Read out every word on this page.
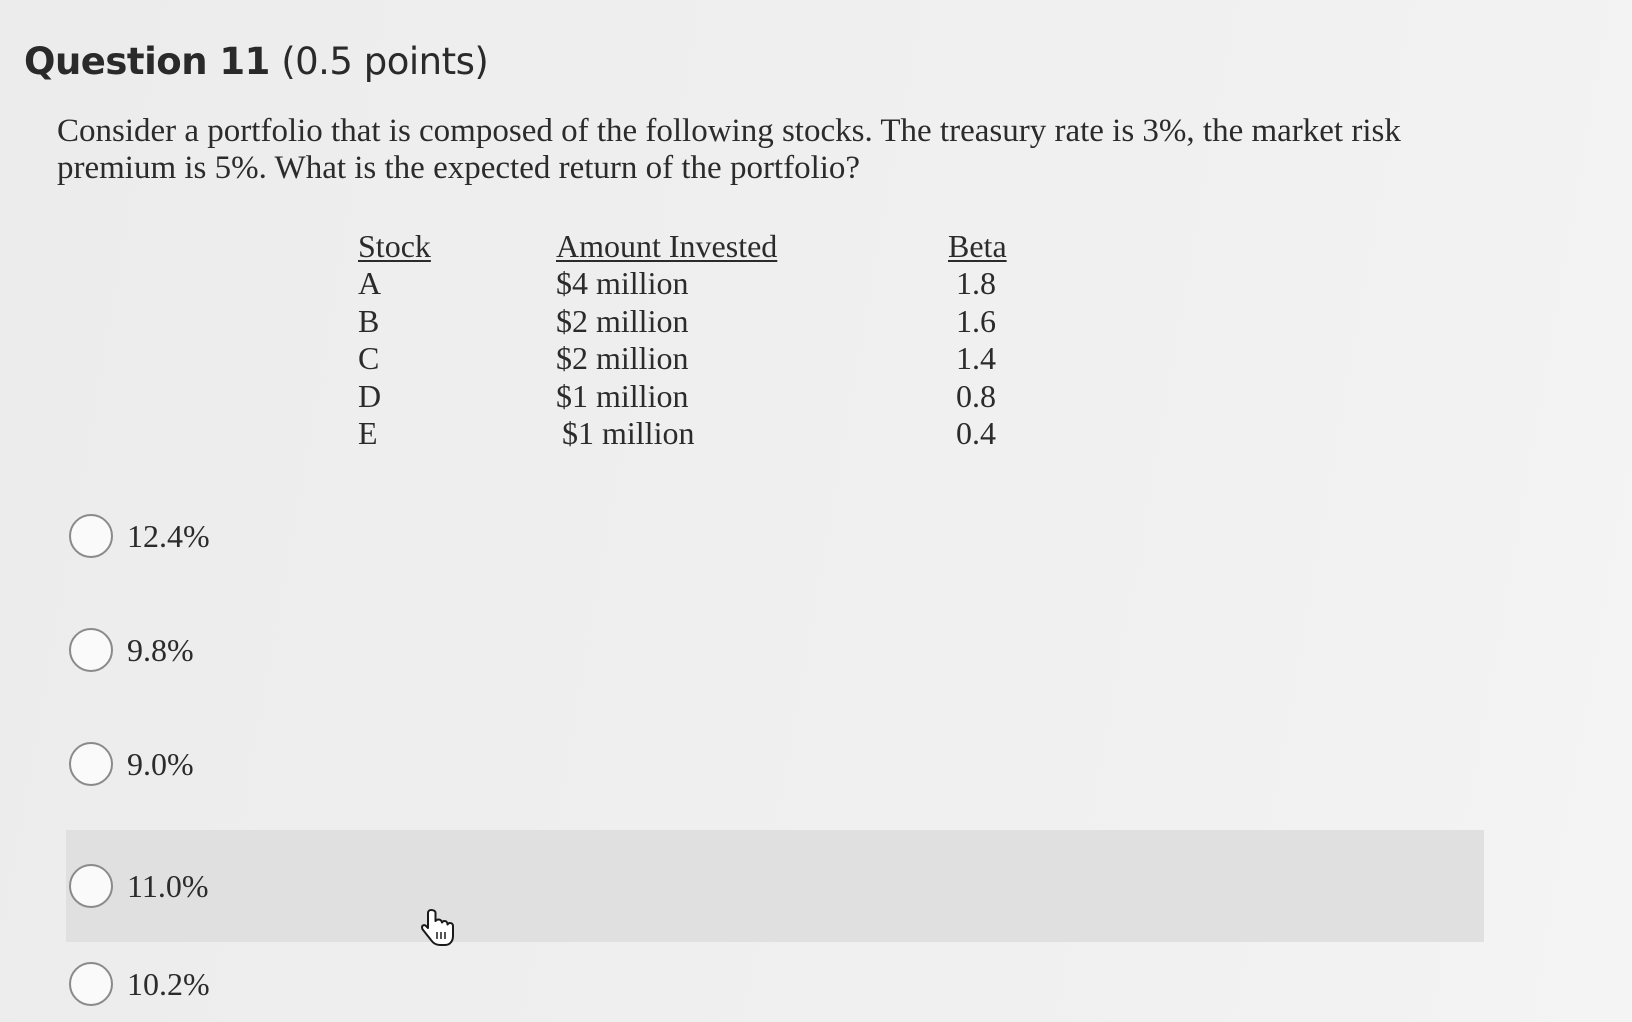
Question 11 (0.5 points)

Consider a portfolio that is composed of the following stocks. The treasury rate is 3%, the market risk premium is 5%. What is the expected return of the portfolio?

Stock
A
B
C
D
E
Amount Invested
$4 million
$2 million
$2 million
$1 million
$1 million
Beta
1.8
1.6
1.4
0.8
0.4
12.4%
9.8%
9.0%
11.0%
10.2%
